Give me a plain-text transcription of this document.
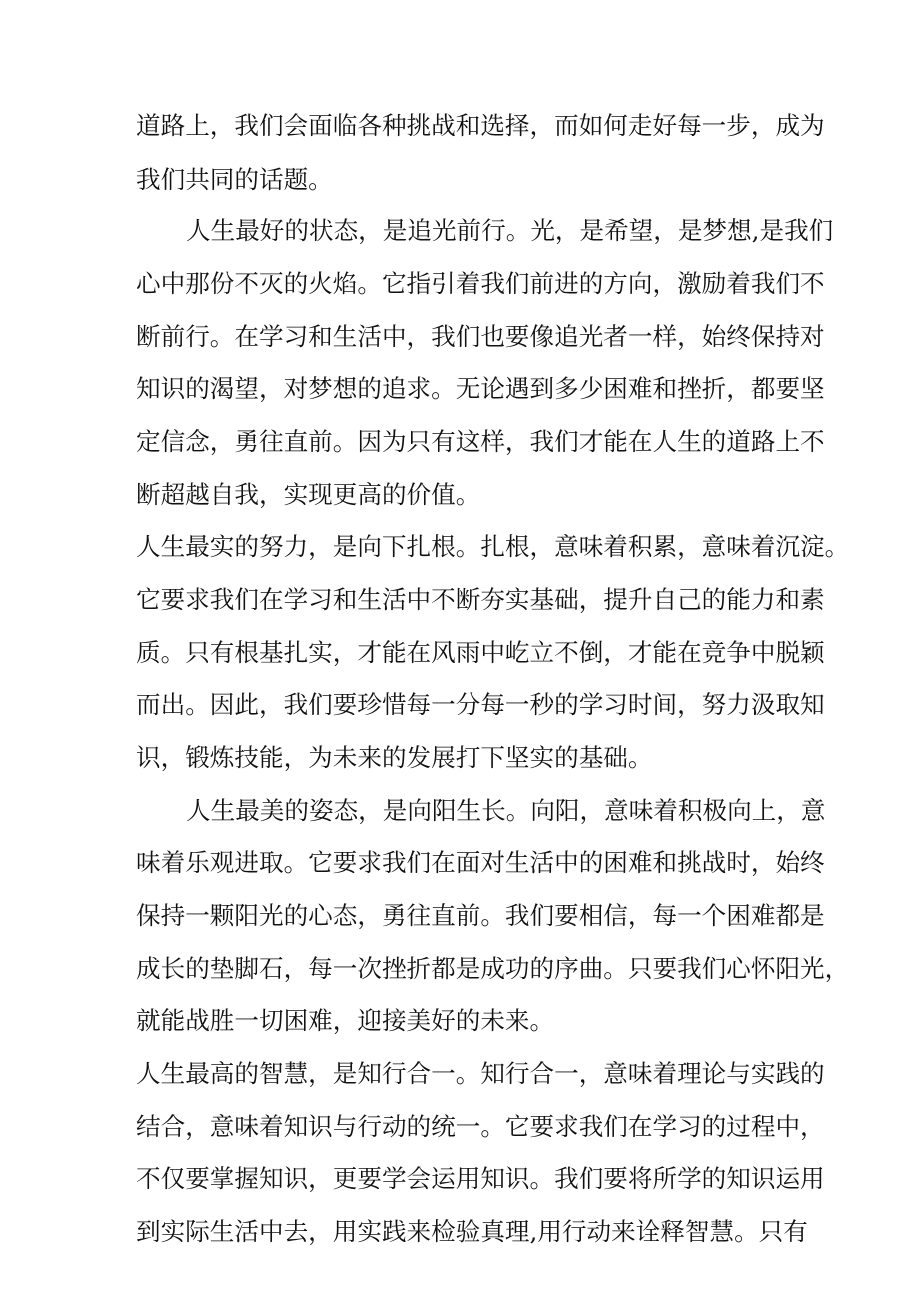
道路上，我们会面临各种挑战和选择，而如何走好每一步，成为
我们共同的话题。
人生最好的状态，是追光前行。光，是希望，是梦想,是我们
心中那份不灭的火焰。它指引着我们前进的方向，激励着我们不
断前行。在学习和生活中，我们也要像追光者一样，始终保持对
知识的渴望，对梦想的追求。无论遇到多少困难和挫折，都要坚
定信念，勇往直前。因为只有这样，我们才能在人生的道路上不
断超越自我，实现更高的价值。
人生最实的努力，是向下扎根。扎根，意味着积累，意味着沉淀。
它要求我们在学习和生活中不断夯实基础，提升自己的能力和素
质。只有根基扎实，才能在风雨中屹立不倒，才能在竞争中脱颖
而出。因此，我们要珍惜每一分每一秒的学习时间，努力汲取知
识，锻炼技能，为未来的发展打下坚实的基础。
人生最美的姿态，是向阳生长。向阳，意味着积极向上，意
味着乐观进取。它要求我们在面对生活中的困难和挑战时，始终
保持一颗阳光的心态，勇往直前。我们要相信，每一个困难都是
成长的垫脚石，每一次挫折都是成功的序曲。只要我们心怀阳光，
就能战胜一切困难，迎接美好的未来。
人生最高的智慧，是知行合一。知行合一，意味着理论与实践的
结合，意味着知识与行动的统一。它要求我们在学习的过程中，
不仅要掌握知识，更要学会运用知识。我们要将所学的知识运用
到实际生活中去，用实践来检验真理,用行动来诠释智慧。只有
